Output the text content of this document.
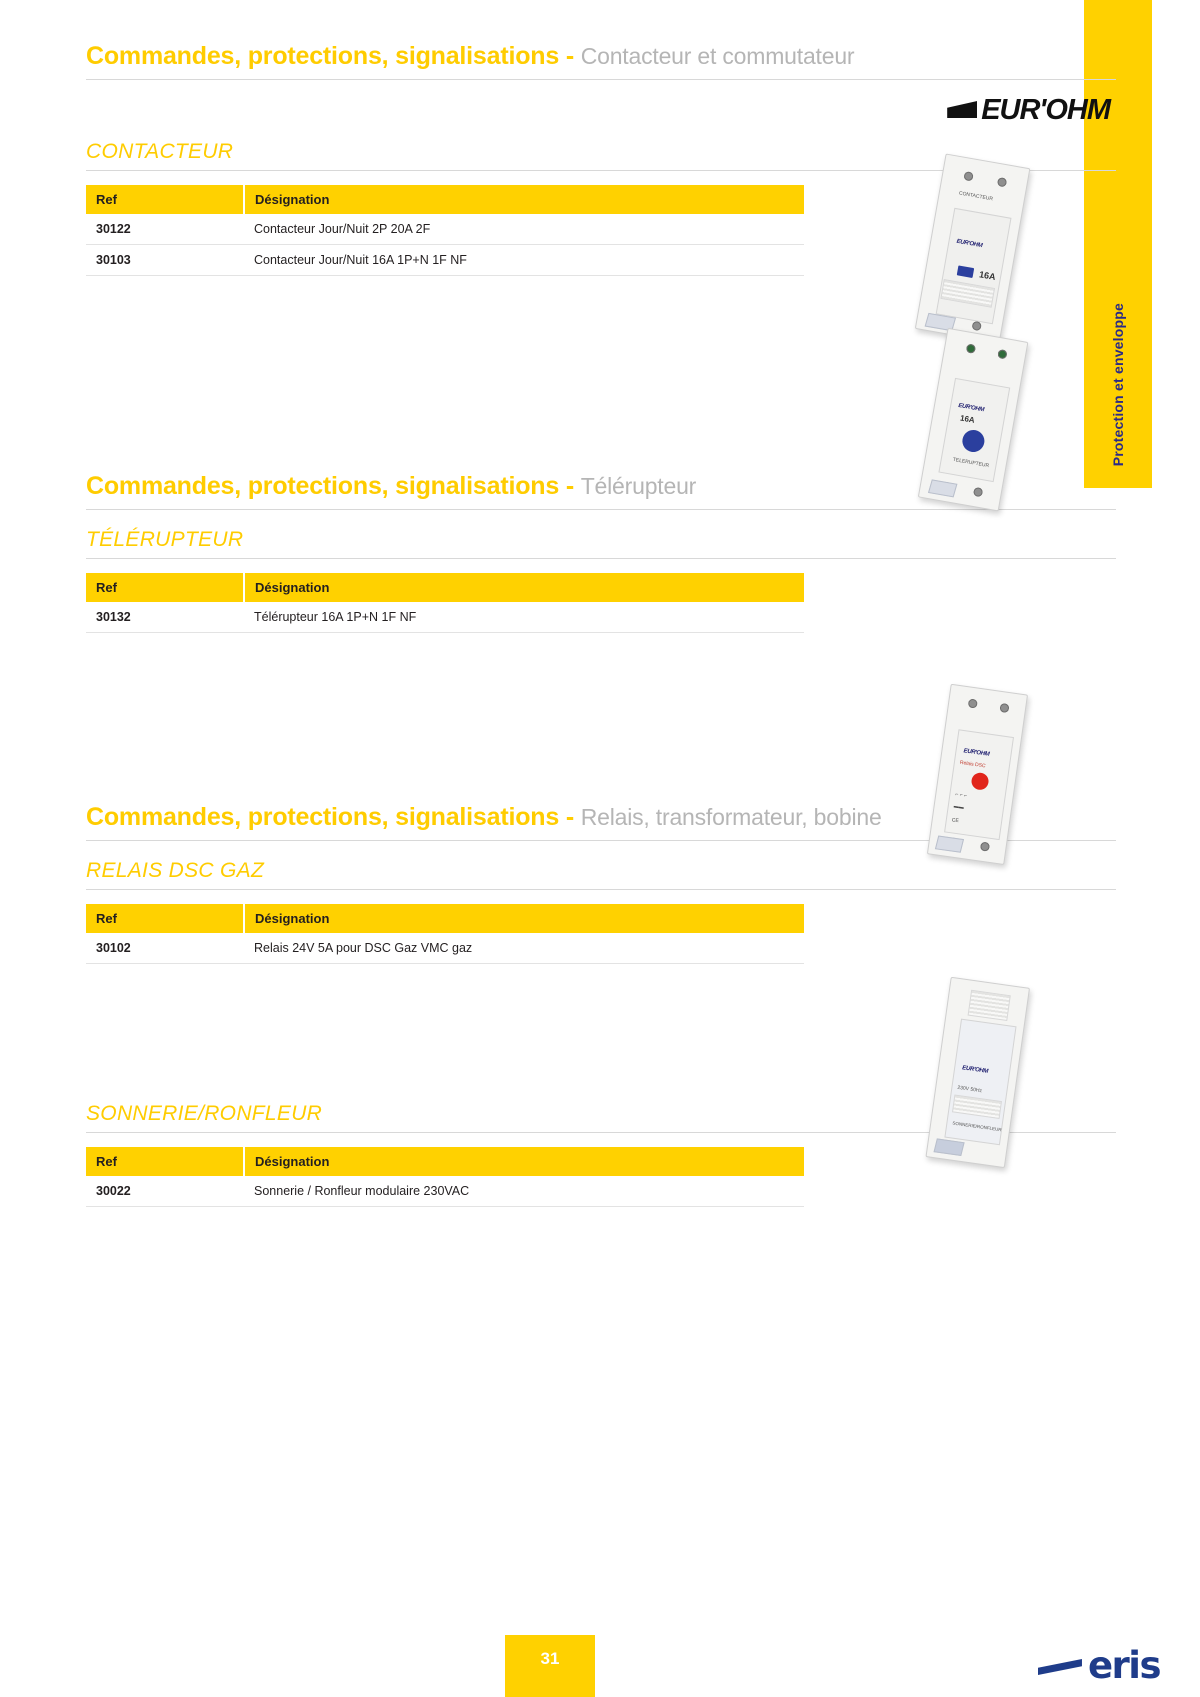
Protection et enveloppe
Commandes, protections, signalisations - Contacteur et commutateur
EUR'OHM
CONTACTEUR
Ref	Désignation
30122	Contacteur Jour/Nuit 2P 20A 2F
30103	Contacteur Jour/Nuit 16A 1P+N 1F NF
CONTACTEUR
EUR'OHM
16A
Commandes, protections, signalisations - Télérupteur
TÉLÉRUPTEUR
Ref	Désignation
30132	Télérupteur 16A 1P+N 1F NF
EUR'OHM
16A
TELERUPTEUR
Commandes, protections, signalisations - Relais, transformateur, bobine
RELAIS DSC GAZ
Ref	Désignation
30102	Relais 24V 5A pour DSC Gaz VMC gaz
EUR'OHM
Relais DSC
⌐ ⌐ ⌐
▬▬
CE
SONNERIE/RONFLEUR
Ref	Désignation
30022	Sonnerie / Ronfleur modulaire 230VAC
EUR'OHM
230V 50Hz
SONNERIE/RONFLEUR
31	eris
